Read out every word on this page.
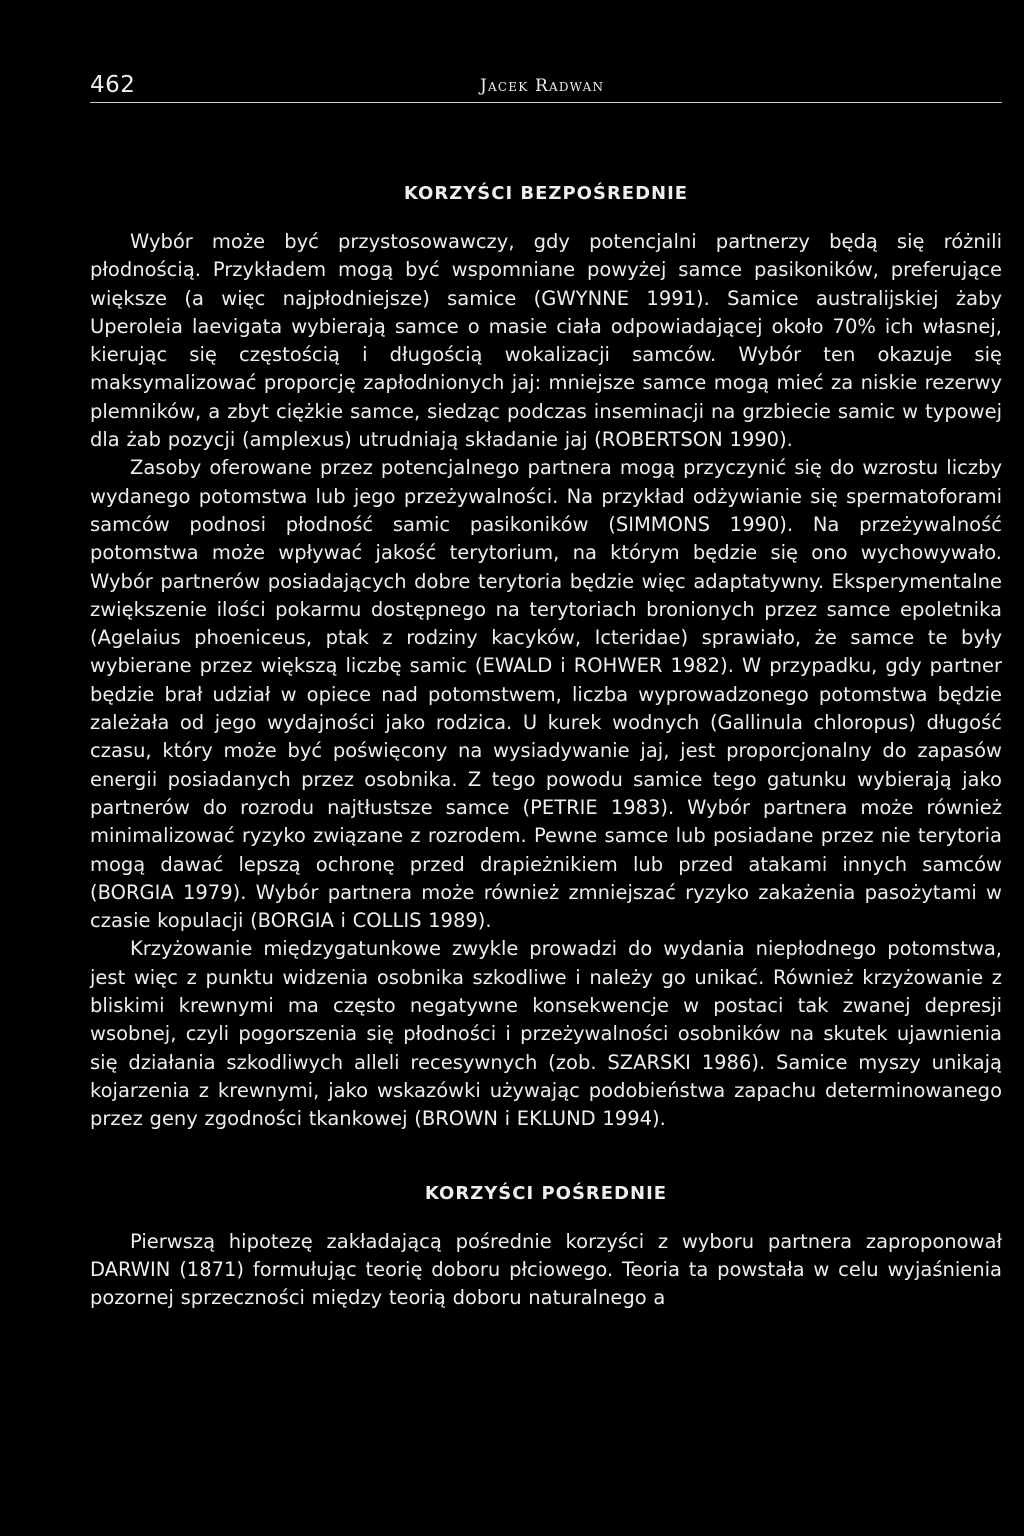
462	Jacek Radwan
KORZYŚCI BEZPOŚREDNIE

Wybór może być przystosowawczy, gdy potencjalni partnerzy będą się różnili płodnością. Przykładem mogą być wspomniane powyżej samce pasikoników, preferujące większe (a więc najpłodniejsze) samice (GWYNNE 1991). Samice australijskiej żaby Uperoleia laevigata wybierają samce o masie ciała odpowiadającej około 70% ich własnej, kierując się częstością i długością wokalizacji samców. Wybór ten okazuje się maksymalizować proporcję zapłodnionych jaj: mniejsze samce mogą mieć za niskie rezerwy plemników, a zbyt ciężkie samce, siedząc podczas inseminacji na grzbiecie samic w typowej dla żab pozycji (amplexus) utrudniają składanie jaj (ROBERTSON 1990).

Zasoby oferowane przez potencjalnego partnera mogą przyczynić się do wzrostu liczby wydanego potomstwa lub jego przeżywalności. Na przykład odżywianie się spermatoforami samców podnosi płodność samic pasikoników (SIMMONS 1990). Na przeżywalność potomstwa może wpływać jakość terytorium, na którym będzie się ono wychowywało. Wybór partnerów posiadających dobre terytoria będzie więc adaptatywny. Eksperymentalne zwiększenie ilości pokarmu dostępnego na terytoriach bronionych przez samce epoletnika (Agelaius phoeniceus, ptak z rodziny kacyków, Icteridae) sprawiało, że samce te były wybierane przez większą liczbę samic (EWALD i ROHWER 1982). W przypadku, gdy partner będzie brał udział w opiece nad potomstwem, liczba wyprowadzonego potomstwa będzie zależała od jego wydajności jako rodzica. U kurek wodnych (Gallinula chloropus) długość czasu, który może być poświęcony na wysiadywanie jaj, jest proporcjonalny do zapasów energii posiadanych przez osobnika. Z tego powodu samice tego gatunku wybierają jako partnerów do rozrodu najtłustsze samce (PETRIE 1983). Wybór partnera może również minimalizować ryzyko związane z rozrodem. Pewne samce lub posiadane przez nie terytoria mogą dawać lepszą ochronę przed drapieżnikiem lub przed atakami innych samców (BORGIA 1979). Wybór partnera może również zmniejszać ryzyko zakażenia pasożytami w czasie kopulacji (BORGIA i COLLIS 1989).

Krzyżowanie międzygatunkowe zwykle prowadzi do wydania niepłodnego potomstwa, jest więc z punktu widzenia osobnika szkodliwe i należy go unikać. Również krzyżowanie z bliskimi krewnymi ma często negatywne konsekwencje w postaci tak zwanej depresji wsobnej, czyli pogorszenia się płodności i przeżywalności osobników na skutek ujawnienia się działania szkodliwych alleli recesywnych (zob. SZARSKI 1986). Samice myszy unikają kojarzenia z krewnymi, jako wskazówki używając podobieństwa zapachu determinowanego przez geny zgodności tkankowej (BROWN i EKLUND 1994).

KORZYŚCI POŚREDNIE

Pierwszą hipotezę zakładającą pośrednie korzyści z wyboru partnera zaproponował DARWIN (1871) formułując teorię doboru płciowego. Teoria ta powstała w celu wyjaśnienia pozornej sprzeczności między teorią doboru naturalnego a
